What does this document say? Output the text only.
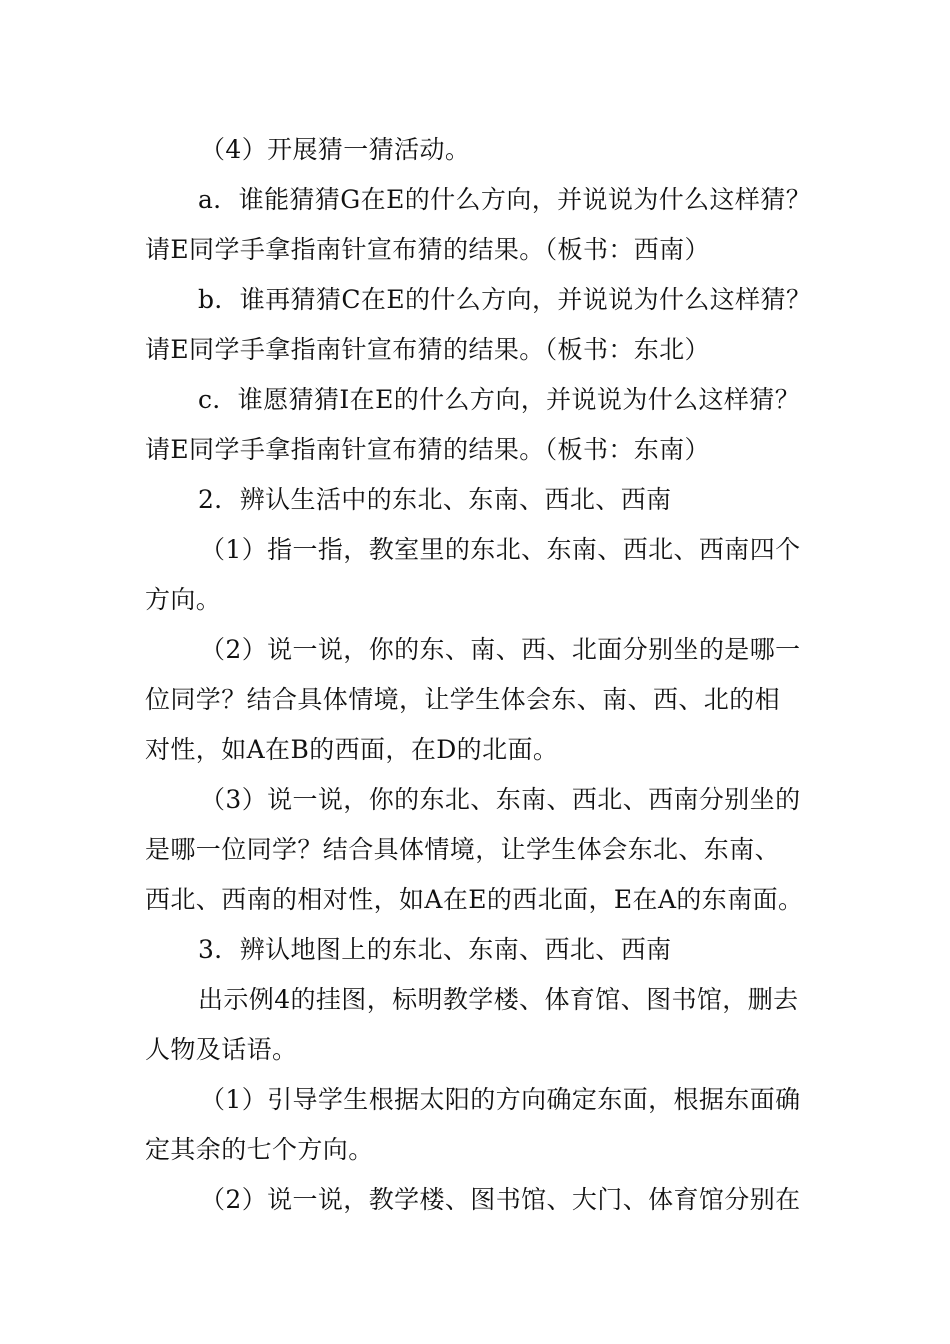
（4）开展猜一猜活动。
a．谁能猜猜G在E的什么方向，并说说为什么这样猜？
请E同学手拿指南针宣布猜的结果。（板书：西南）
b．谁再猜猜C在E的什么方向，并说说为什么这样猜？
请E同学手拿指南针宣布猜的结果。（板书：东北）
c．谁愿猜猜I在E的什么方向，并说说为什么这样猜？
请E同学手拿指南针宣布猜的结果。（板书：东南）
2．辨认生活中的东北、东南、西北、西南
（1）指一指，教室里的东北、东南、西北、西南四个
方向。
（2）说一说，你的东、南、西、北面分别坐的是哪一
位同学？结合具体情境，让学生体会东、南、西、北的相
对性，如A在B的西面，在D的北面。
（3）说一说，你的东北、东南、西北、西南分别坐的
是哪一位同学？结合具体情境，让学生体会东北、东南、
西北、西南的相对性，如A在E的西北面，E在A的东南面。
3．辨认地图上的东北、东南、西北、西南
出示例4的挂图，标明教学楼、体育馆、图书馆，删去
人物及话语。
（1）引导学生根据太阳的方向确定东面，根据东面确
定其余的七个方向。
（2）说一说，教学楼、图书馆、大门、体育馆分别在
